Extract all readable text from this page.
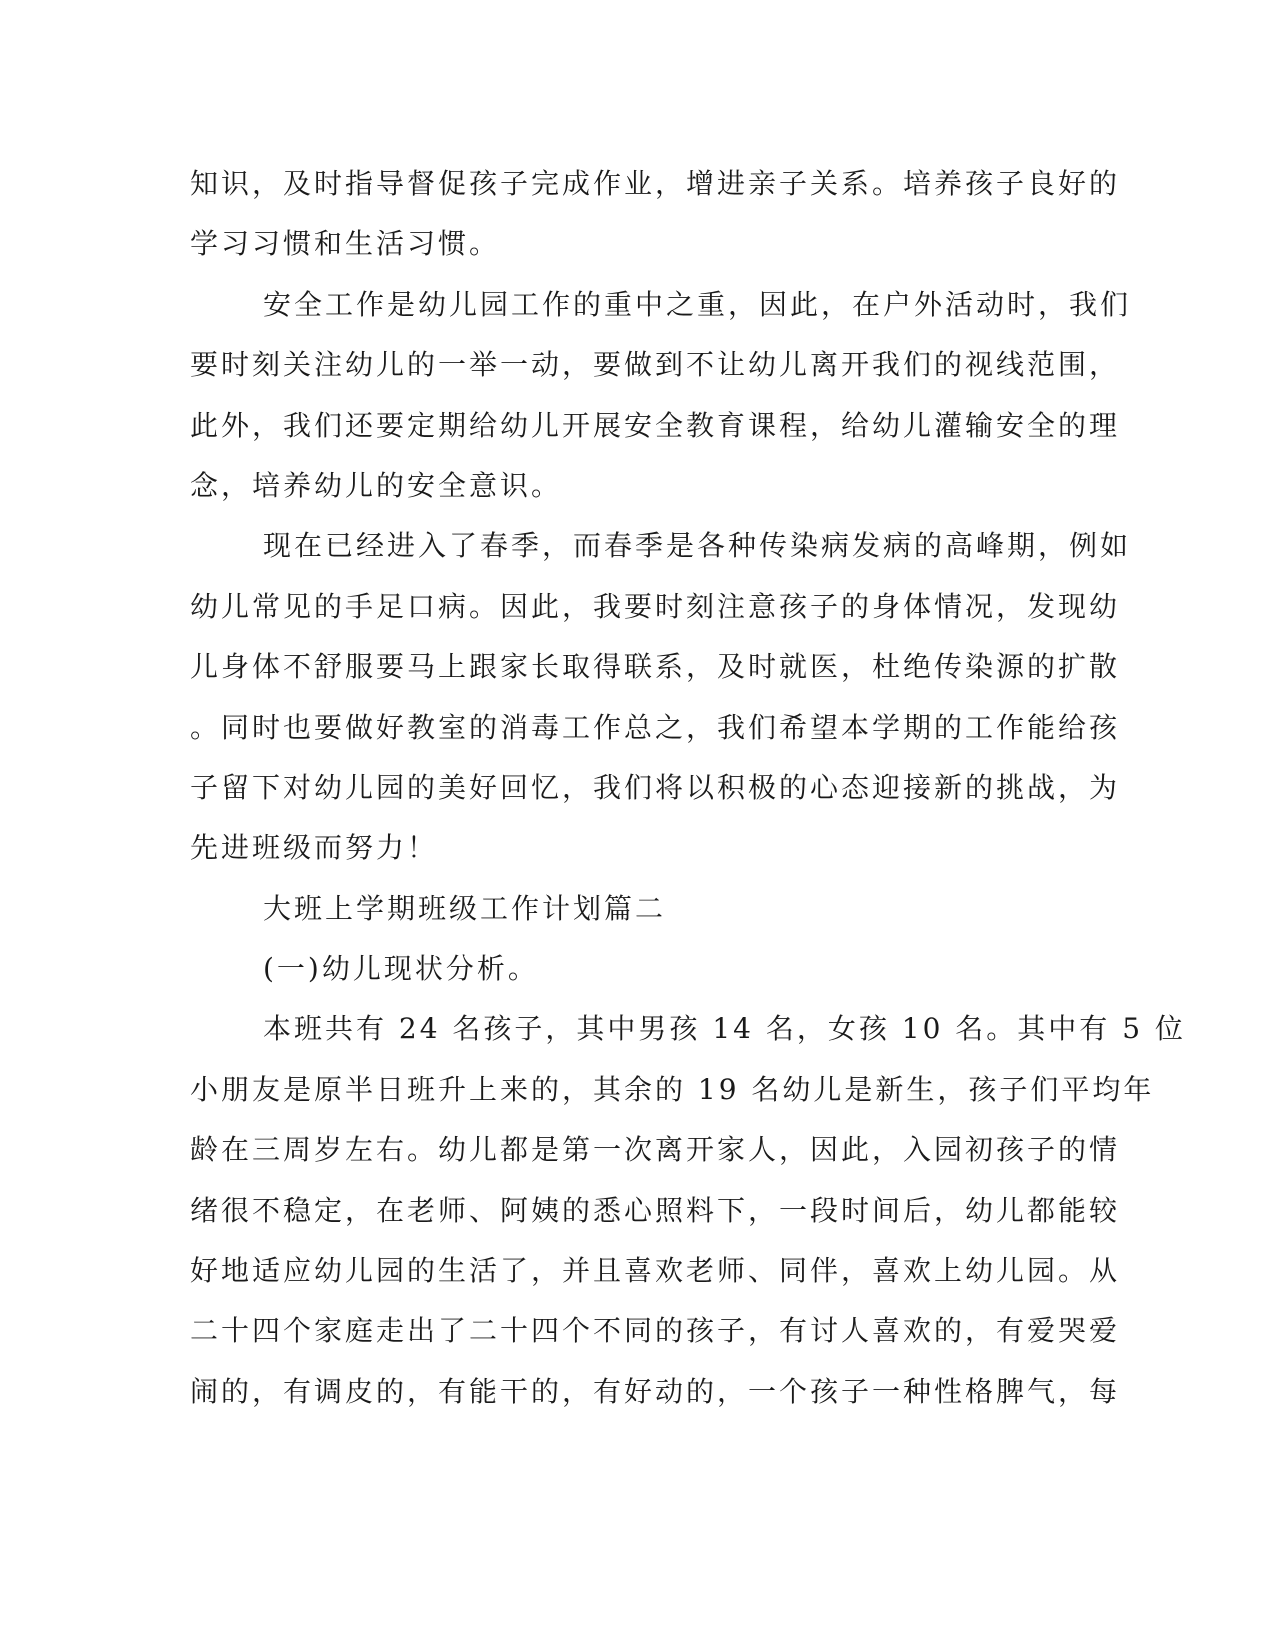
知识，及时指导督促孩子完成作业，增进亲子关系。培养孩子良好的
学习习惯和生活习惯。
安全工作是幼儿园工作的重中之重，因此，在户外活动时，我们
要时刻关注幼儿的一举一动，要做到不让幼儿离开我们的视线范围，
此外，我们还要定期给幼儿开展安全教育课程，给幼儿灌输安全的理
念，培养幼儿的安全意识。
现在已经进入了春季，而春季是各种传染病发病的高峰期，例如
幼儿常见的手足口病。因此，我要时刻注意孩子的身体情况，发现幼
儿身体不舒服要马上跟家长取得联系，及时就医，杜绝传染源的扩散
。同时也要做好教室的消毒工作总之，我们希望本学期的工作能给孩
子留下对幼儿园的美好回忆，我们将以积极的心态迎接新的挑战，为
先进班级而努力！
大班上学期班级工作计划篇二
(一)幼儿现状分析。
本班共有 24 名孩子，其中男孩 14 名，女孩 10 名。其中有 5 位
小朋友是原半日班升上来的，其余的 19 名幼儿是新生，孩子们平均年
龄在三周岁左右。幼儿都是第一次离开家人，因此，入园初孩子的情
绪很不稳定，在老师、阿姨的悉心照料下，一段时间后，幼儿都能较
好地适应幼儿园的生活了，并且喜欢老师、同伴，喜欢上幼儿园。从
二十四个家庭走出了二十四个不同的孩子，有讨人喜欢的，有爱哭爱
闹的，有调皮的，有能干的，有好动的，一个孩子一种性格脾气，每
